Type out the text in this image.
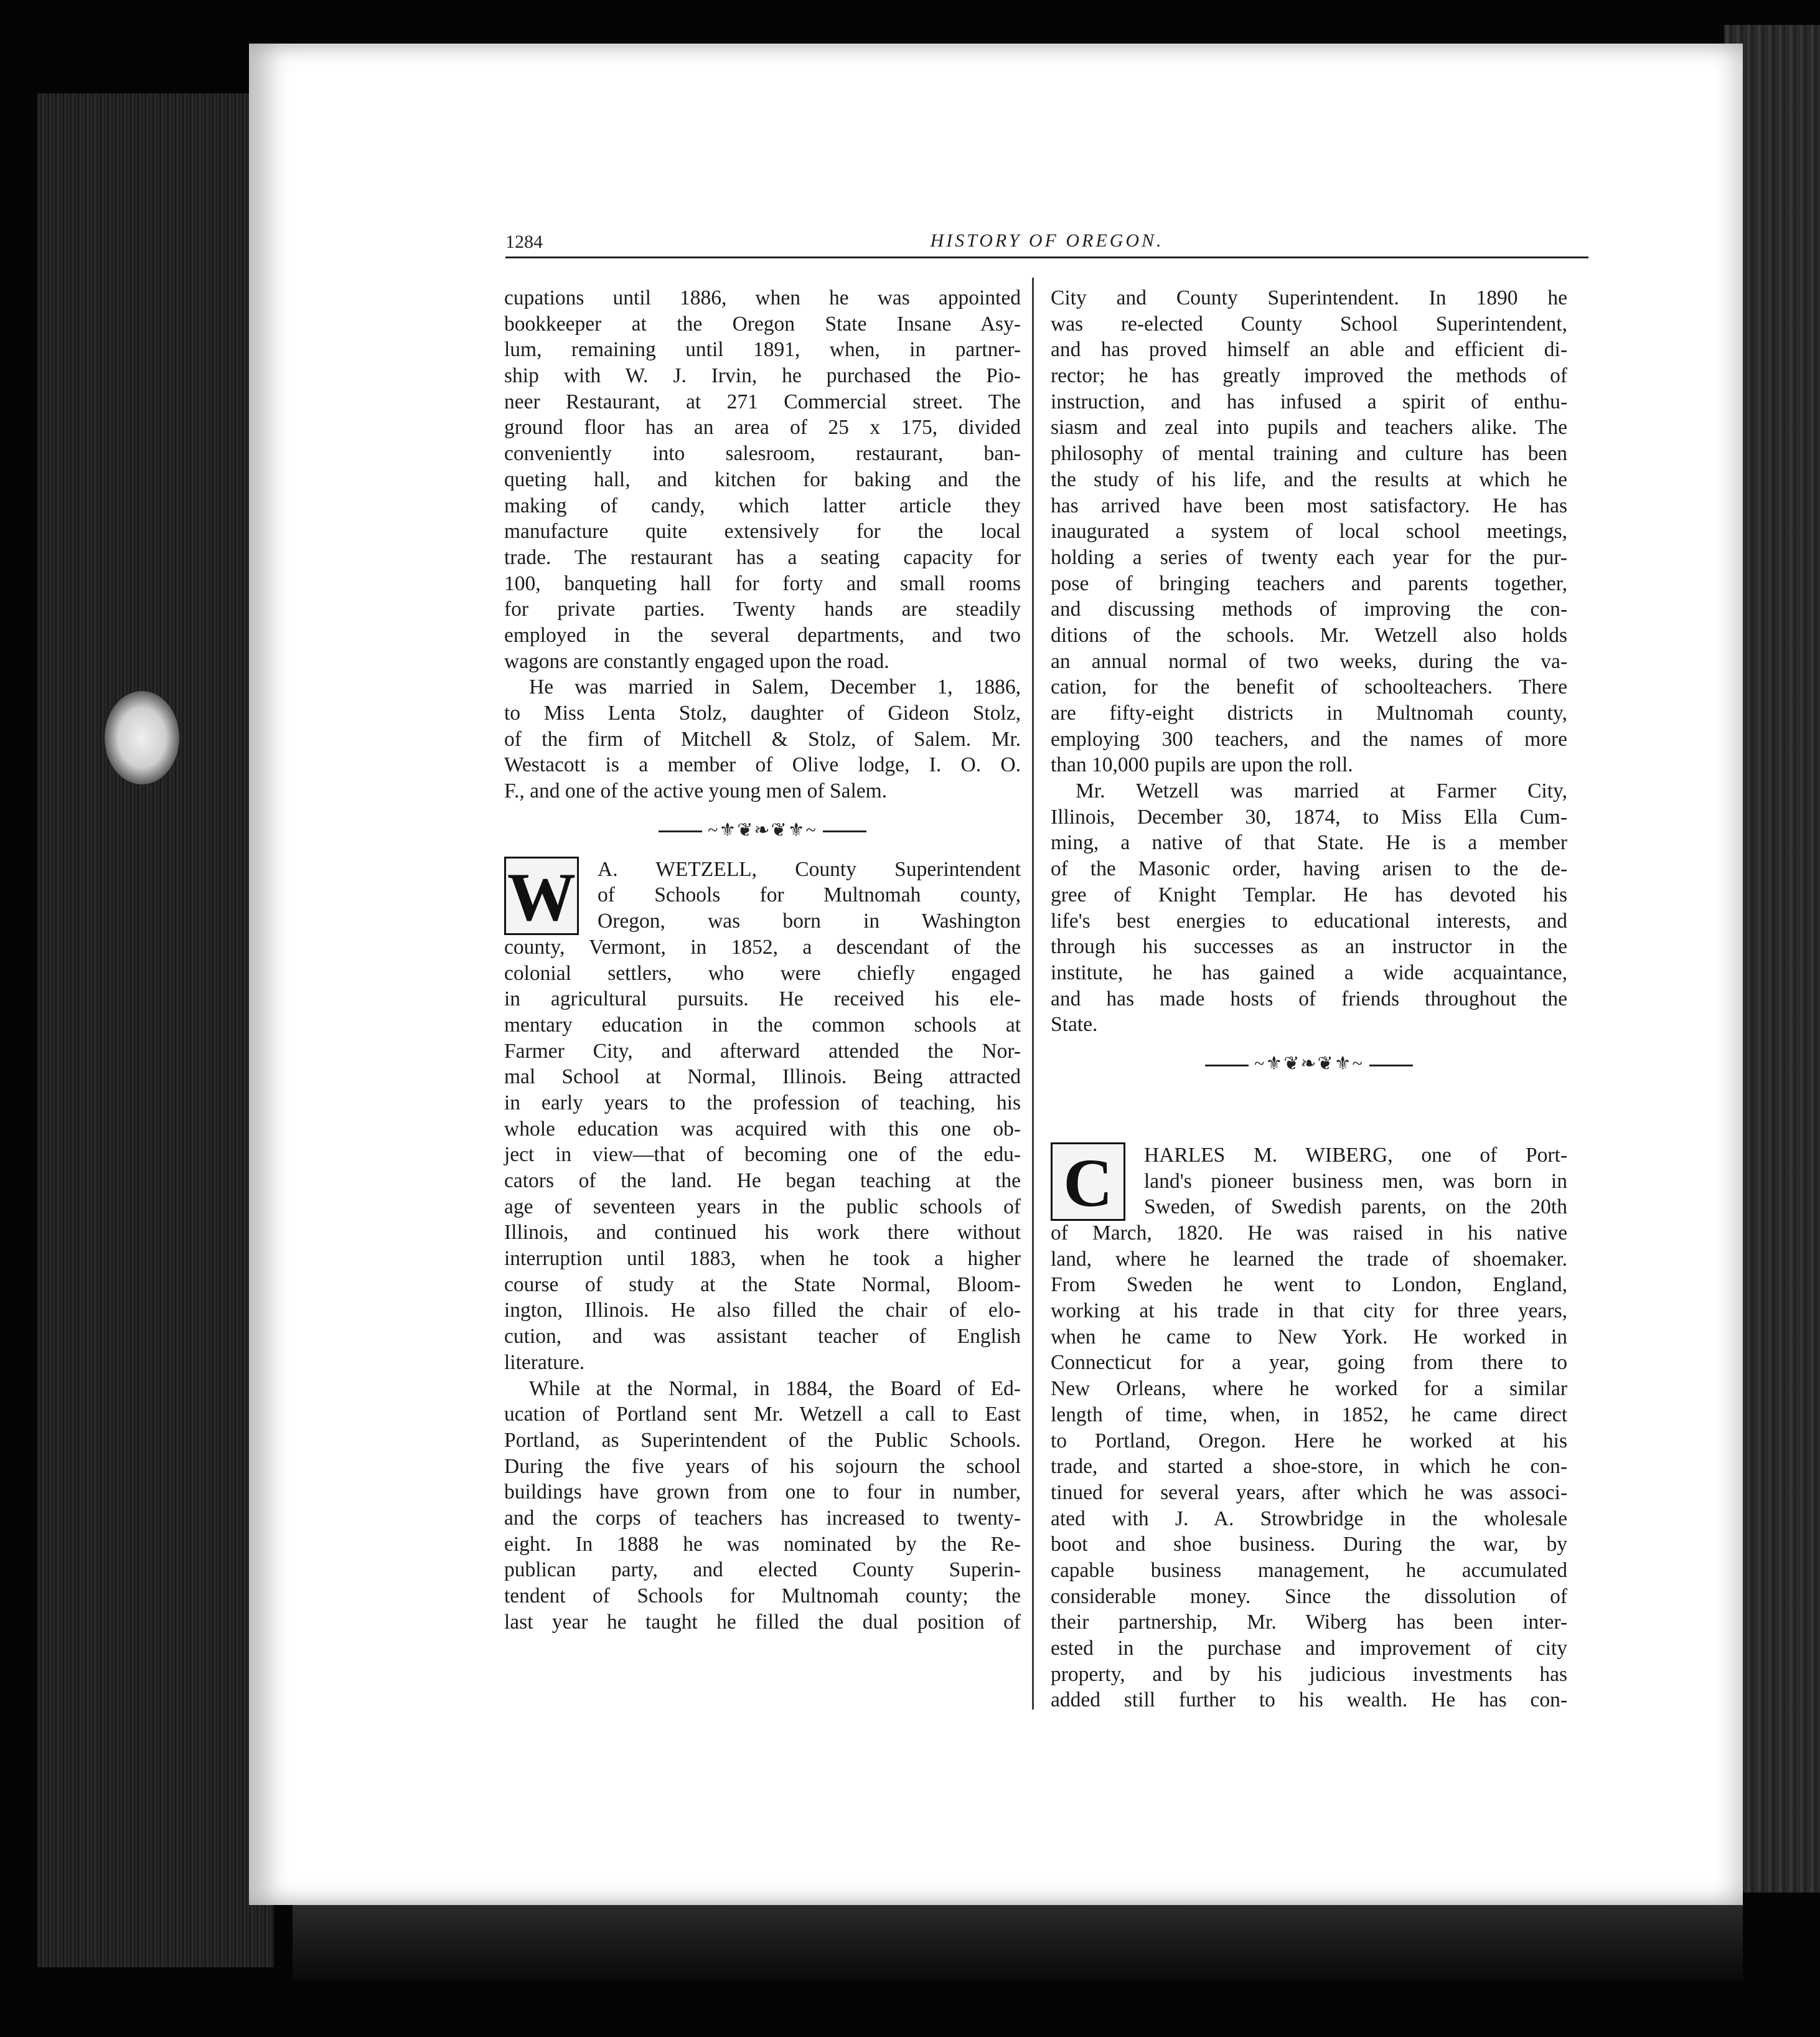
1284	HISTORY OF OREGON.
cupations until 1886, when he was appointed
bookkeeper at the Oregon State Insane Asy-
lum, remaining until 1891, when, in partner-
ship with W. J. Irvin, he purchased the Pio-
neer Restaurant, at 271 Commercial street. The
ground floor has an area of 25 x 175, divided
conveniently into salesroom, restaurant, ban-
queting hall, and kitchen for baking and the
making of candy, which latter article they
manufacture quite extensively for the local
trade. The restaurant has a seating capacity for
100, banqueting hall for forty and small rooms
for private parties. Twenty hands are steadily
employed in the several departments, and two
wagons are constantly engaged upon the road.
He was married in Salem, December 1, 1886,
to Miss Lenta Stolz, daughter of Gideon Stolz,
of the firm of Mitchell & Stolz, of Salem. Mr.
Westacott is a member of Olive lodge, I. O. O.
F., and one of the active young men of Salem.
~⚜❦❧❦⚜~
W	A. WETZELL, County Superintendent
of Schools for Multnomah county,
Oregon, was born in Washington
county, Vermont, in 1852, a descendant of the
colonial settlers, who were chiefly engaged
in agricultural pursuits. He received his ele-
mentary education in the common schools at
Farmer City, and afterward attended the Nor-
mal School at Normal, Illinois. Being attracted
in early years to the profession of teaching, his
whole education was acquired with this one ob-
ject in view—that of becoming one of the edu-
cators of the land. He began teaching at the
age of seventeen years in the public schools of
Illinois, and continued his work there without
interruption until 1883, when he took a higher
course of study at the State Normal, Bloom-
ington, Illinois. He also filled the chair of elo-
cution, and was assistant teacher of English
literature.
While at the Normal, in 1884, the Board of Ed-
ucation of Portland sent Mr. Wetzell a call to East
Portland, as Superintendent of the Public Schools.
During the five years of his sojourn the school
buildings have grown from one to four in number,
and the corps of teachers has increased to twenty-
eight. In 1888 he was nominated by the Re-
publican party, and elected County Superin-
tendent of Schools for Multnomah county; the
last year he taught he filled the dual position of
City and County Superintendent. In 1890 he
was re-elected County School Superintendent,
and has proved himself an able and efficient di-
rector; he has greatly improved the methods of
instruction, and has infused a spirit of enthu-
siasm and zeal into pupils and teachers alike. The
philosophy of mental training and culture has been
the study of his life, and the results at which he
has arrived have been most satisfactory. He has
inaugurated a system of local school meetings,
holding a series of twenty each year for the pur-
pose of bringing teachers and parents together,
and discussing methods of improving the con-
ditions of the schools. Mr. Wetzell also holds
an annual normal of two weeks, during the va-
cation, for the benefit of schoolteachers. There
are fifty-eight districts in Multnomah county,
employing 300 teachers, and the names of more
than 10,000 pupils are upon the roll.
Mr. Wetzell was married at Farmer City,
Illinois, December 30, 1874, to Miss Ella Cum-
ming, a native of that State. He is a member
of the Masonic order, having arisen to the de-
gree of Knight Templar. He has devoted his
life's best energies to educational interests, and
through his successes as an instructor in the
institute, he has gained a wide acquaintance,
and has made hosts of friends throughout the
State.
~⚜❦❧❦⚜~
C	HARLES M. WIBERG, one of Port-
land's pioneer business men, was born in
Sweden, of Swedish parents, on the 20th
of March, 1820. He was raised in his native
land, where he learned the trade of shoemaker.
From Sweden he went to London, England,
working at his trade in that city for three years,
when he came to New York. He worked in
Connecticut for a year, going from there to
New Orleans, where he worked for a similar
length of time, when, in 1852, he came direct
to Portland, Oregon. Here he worked at his
trade, and started a shoe-store, in which he con-
tinued for several years, after which he was associ-
ated with J. A. Strowbridge in the wholesale
boot and shoe business. During the war, by
capable business management, he accumulated
considerable money. Since the dissolution of
their partnership, Mr. Wiberg has been inter-
ested in the purchase and improvement of city
property, and by his judicious investments has
added still further to his wealth. He has con-
